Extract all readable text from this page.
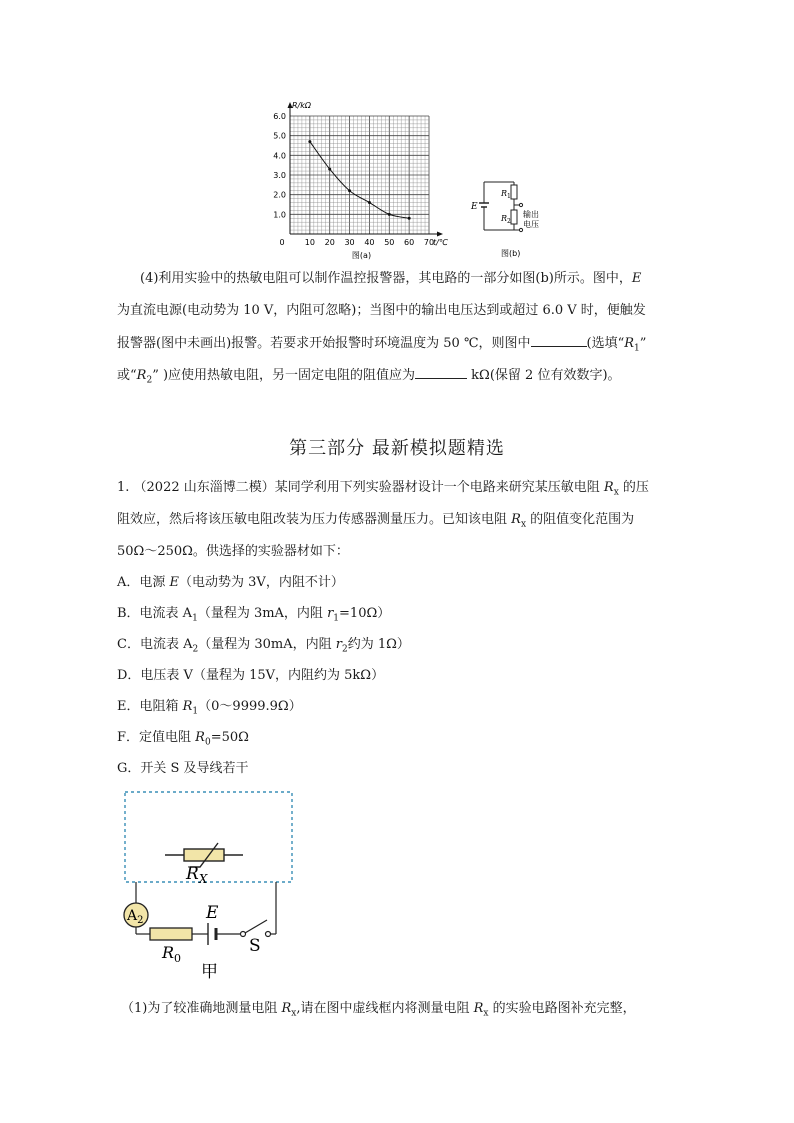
0	10 20 30 40 50 60 70
1.0
2.0
3.0
4.0
5.0
6.0
R/kΩ
t/℃
图(a)
E
$R_1$
$R_2$
输出
电压
图(b)
(4)利用实验中的热敏电阻可以制作温控报警器，其电路的一部分如图(b)所示。图中，E
为直流电源(电动势为 10 V，内阻可忽略)；当图中的输出电压达到或超过 6.0 V 时，便触发
报警器(图中未画出)报警。若要求开始报警时环境温度为 50 ℃，则图中	(选填“$R_1$”
或“$R_2$” )应使用热敏电阻，另一固定电阻的阻值应为	kΩ(保留 2 位有效数字)。
第三部分 最新模拟题精选
1. （2022 山东淄博二模）某同学利用下列实验器材设计一个电路来研究某压敏电阻 $R_x$ 的压
阻效应，然后将该压敏电阻改装为压力传感器测量压力。已知该电阻 $R_x$ 的阻值变化范围为
50Ω～250Ω。供选择的实验器材如下：
A．电源 E（电动势为 3V，内阻不计）
B．电流表 $A_1$（量程为 3mA，内阻 $r_1=10\Omega$）
C．电流表 $A_2$（量程为 30mA，内阻 $r_2$约为 1Ω）
D．电压表 V（量程为 15V，内阻约为 5kΩ）
E．电阻箱 $R_1(0\sim 9999.9\Omega)$
F．定值电阻 $R_0=50\Omega$
G．开关 S 及导线若干
$R_X$
$A_2$
$R_0$
E
S
甲
（1)为了较准确地测量电阻 $R_x$,请在图中虚线框内将测量电阻 $R_x$ 的实验电路图补充完整，
